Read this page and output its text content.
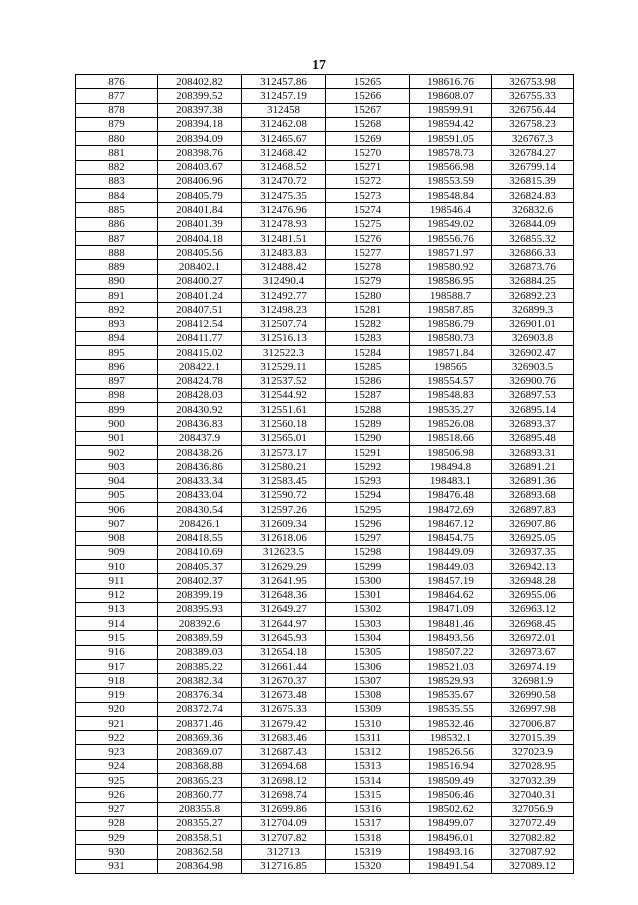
17
876	208402.82	312457.86	15265	198616.76	326753.98
877	208399.52	312457.19	15266	198608.07	326755.33
878	208397.38	312458	15267	198599.91	326756.44
879	208394.18	312462.08	15268	198594.42	326758.23
880	208394.09	312465.67	15269	198591.05	326767.3
881	208398.76	312468.42	15270	198578.73	326784.27
882	208403.67	312468.52	15271	198566.98	326799.14
883	208406.96	312470.72	15272	198553.59	326815.39
884	208405.79	312475.35	15273	198548.84	326824.83
885	208401.84	312476.96	15274	198546.4	326832.6
886	208401.39	312478.93	15275	198549.02	326844.09
887	208404.18	312481.51	15276	198556.76	326855.32
888	208405.56	312483.83	15277	198571.97	326866.33
889	208402.1	312488.42	15278	198580.92	326873.76
890	208400.27	312490.4	15279	198586.95	326884.25
891	208401.24	312492.77	15280	198588.7	326892.23
892	208407.51	312498.23	15281	198587.85	326899.3
893	208412.54	312507.74	15282	198586.79	326901.01
894	208411.77	312516.13	15283	198580.73	326903.8
895	208415.02	312522.3	15284	198571.84	326902.47
896	208422.1	312529.11	15285	198565	326903.5
897	208424.78	312537.52	15286	198554.57	326900.76
898	208428.03	312544.92	15287	198548.83	326897.53
899	208430.92	312551.61	15288	198535.27	326895.14
900	208436.83	312560.18	15289	198526.08	326893.37
901	208437.9	312565.01	15290	198518.66	326895.48
902	208438.26	312573.17	15291	198506.98	326893.31
903	208436.86	312580.21	15292	198494.8	326891.21
904	208433.34	312583.45	15293	198483.1	326891.36
905	208433.04	312590.72	15294	198476.48	326893.68
906	208430.54	312597.26	15295	198472.69	326897.83
907	208426.1	312609.34	15296	198467.12	326907.86
908	208418.55	312618.06	15297	198454.75	326925.05
909	208410.69	312623.5	15298	198449.09	326937.35
910	208405.37	312629.29	15299	198449.03	326942.13
911	208402.37	312641.95	15300	198457.19	326948.28
912	208399.19	312648.36	15301	198464.62	326955.06
913	208395.93	312649.27	15302	198471.09	326963.12
914	208392.6	312644.97	15303	198481.46	326968.45
915	208389.59	312645.93	15304	198493.56	326972.01
916	208389.03	312654.18	15305	198507.22	326973.67
917	208385.22	312661.44	15306	198521.03	326974.19
918	208382.34	312670.37	15307	198529.93	326981.9
919	208376.34	312673.48	15308	198535.67	326990.58
920	208372.74	312675.33	15309	198535.55	326997.98
921	208371.46	312679.42	15310	198532.46	327006.87
922	208369.36	312683.46	15311	198532.1	327015.39
923	208369.07	312687.43	15312	198526.56	327023.9
924	208368.88	312694.68	15313	198516.94	327028.95
925	208365.23	312698.12	15314	198509.49	327032.39
926	208360.77	312698.74	15315	198506.46	327040.31
927	208355.8	312699.86	15316	198502.62	327056.9
928	208355.27	312704.09	15317	198499.07	327072.49
929	208358.51	312707.82	15318	198496.01	327082.82
930	208362.58	312713	15319	198493.16	327087.92
931	208364.98	312716.85	15320	198491.54	327089.12
